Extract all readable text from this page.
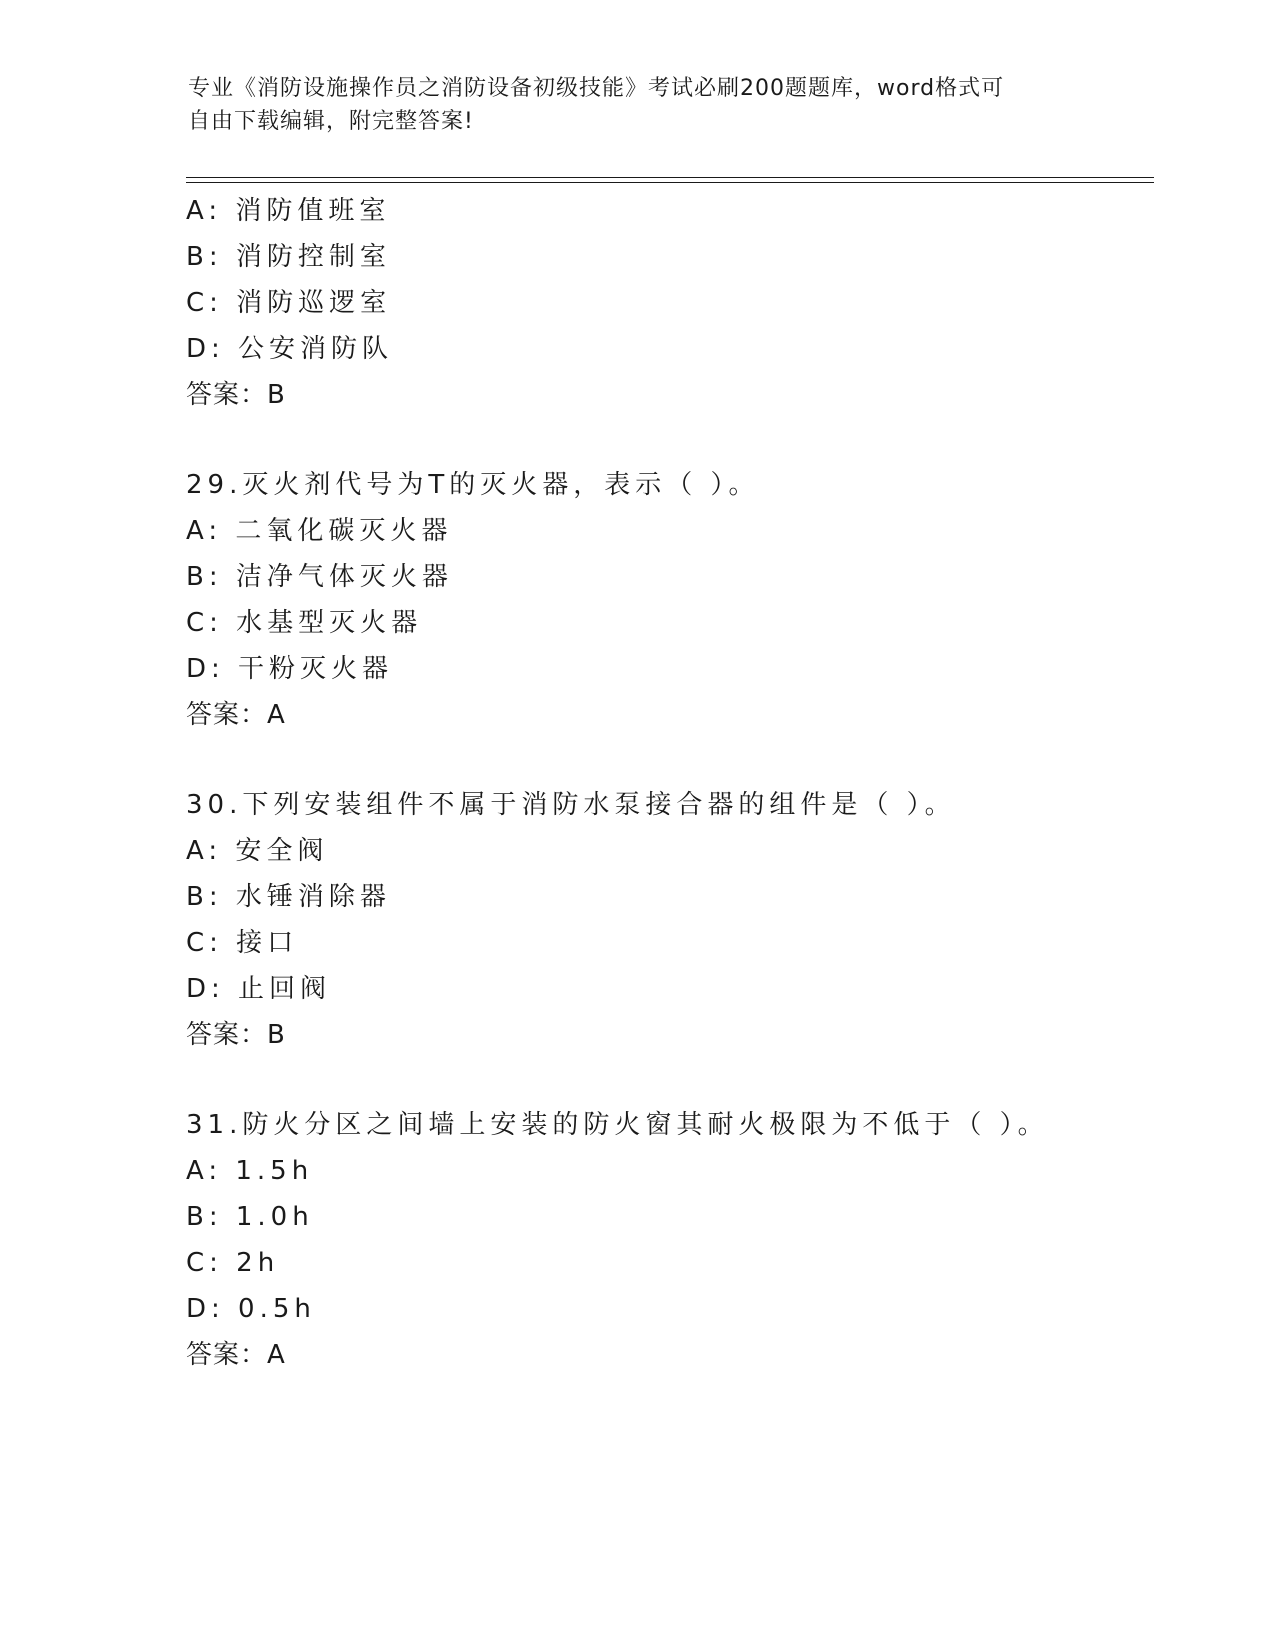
专业《消防设施操作员之消防设备初级技能》考试必刷200题题库，word格式可
自由下载编辑，附完整答案!
A: 消防值班室
B: 消防控制室
C: 消防巡逻室
D: 公安消防队
答案：B
29.灭火剂代号为T的灭火器，表示（ ）。
A: 二氧化碳灭火器
B: 洁净气体灭火器
C: 水基型灭火器
D: 干粉灭火器
答案：A
30.下列安装组件不属于消防水泵接合器的组件是（ ）。
A: 安全阀
B: 水锤消除器
C: 接口
D: 止回阀
答案：B
31.防火分区之间墙上安装的防火窗其耐火极限为不低于（ ）。
A: 1.5h
B: 1.0h
C: 2h
D: 0.5h
答案：A
